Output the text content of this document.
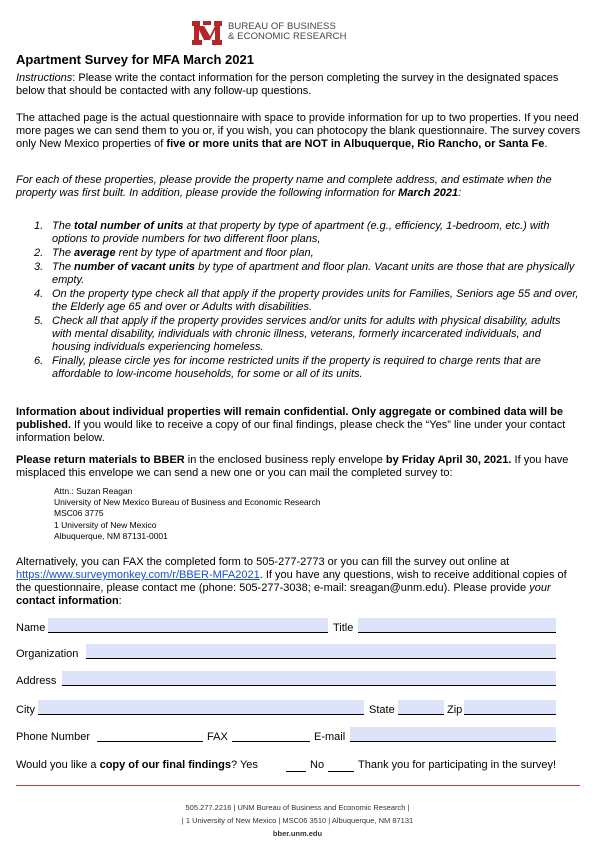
BUREAU OF BUSINESS
& ECONOMIC RESEARCH
Apartment Survey for MFA March 2021
Instructions: Please write the contact information for the person completing the survey in the designated spaces below that should be contacted with any follow-up questions.
The attached page is the actual questionnaire with space to provide information for up to two properties. If you need more pages we can send them to you or, if you wish, you can photocopy the blank questionnaire. The survey covers only New Mexico properties of five or more units that are NOT in Albuquerque, Rio Rancho, or Santa Fe.
For each of these properties, please provide the property name and complete address, and estimate when the property was first built. In addition, please provide the following information for March 2021:
1. The total number of units at that property by type of apartment (e.g., efficiency, 1-bedroom, etc.) with options to provide numbers for two different floor plans,
2. The average rent by type of apartment and floor plan,
3. The number of vacant units by type of apartment and floor plan. Vacant units are those that are physically empty.
4. On the property type check all that apply if the property provides units for Families, Seniors age 55 and over, the Elderly age 65 and over or Adults with disabilities.
5. Check all that apply if the property provides services and/or units for adults with physical disability, adults with mental disability, individuals with chronic illness, veterans, formerly incarcerated individuals, and housing individuals experiencing homeless.
6. Finally, please circle yes for income restricted units if the property is required to charge rents that are affordable to low-income households, for some or all of its units.
Information about individual properties will remain confidential. Only aggregate or combined data will be published. If you would like to receive a copy of our final findings, please check the “Yes” line under your contact information below.
Please return materials to BBER in the enclosed business reply envelope by Friday April 30, 2021. If you have misplaced this envelope we can send a new one or you can mail the completed survey to:
Attn.: Suzan Reagan
University of New Mexico Bureau of Business and Economic Research
MSC06 3775
1 University of New Mexico
Albuquerque, NM 87131-0001
Alternatively, you can FAX the completed form to 505-277-2773 or you can fill the survey out online at https://www.surveymonkey.com/r/BBER-MFA2021. If you have any questions, wish to receive additional copies of the questionnaire, please contact me (phone: 505-277-3038; e-mail: sreagan@unm.edu). Please provide your contact information:
Name	Title
Organization
Address
City	State	Zip
Phone Number	FAX	E-mail
Would you like a copy of our final findings? Yes	No	Thank you for participating in the survey!
505.277.2216 | UNM Bureau of Business and Economic Research |
| 1 University of New Mexico | MSC06 3510 | Albuquerque, NM 87131
bber.unm.edu
